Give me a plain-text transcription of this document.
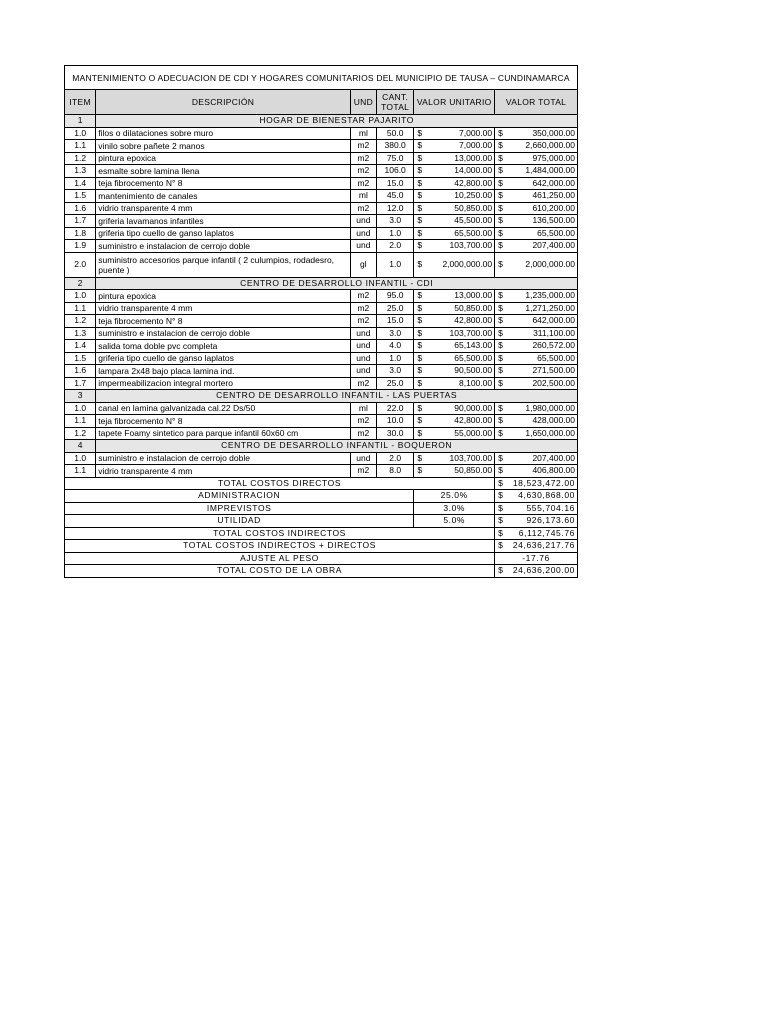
MANTENIMIENTO O ADECUACION DE CDI Y HOGARES COMUNITARIOS DEL MUNICIPIO DE TAUSA – CUNDINAMARCA					
ITEM	DESCRIPCIÓN	UND	CANT. TOTAL	VALOR UNITARIO	VALOR TOTAL
1	HOGAR DE BIENESTAR PAJARITO				
1.0	filos o dilataciones sobre muro	ml	50.0	$ 7,000.00	$ 350,000.00

1.1	vinilo sobre pañete 2 manos	m2	380.0	$ 7,000.00	$ 2,660,000.00

1.2	pintura epoxica	m2	75.0	$ 13,000.00	$ 975,000.00

1.3	esmalte sobre lamina llena	m2	106.0	$ 14,000.00	$ 1,484,000.00

1.4	teja fibrocemento N° 8	m2	15.0	$ 42,800.00	$ 642,000.00

1.5	mantenimiento de canales	ml	45.0	$ 10,250.00	$ 461,250.00

1.6	vidrio transparente 4 mm	m2	12.0	$ 50,850.00	$ 610,200.00

1.7	griferia lavamanos infantiles	und	3.0	$ 45,500.00	$ 136,500.00

1.8	griferia tipo cuello de ganso laplatos	und	1.0	$ 65,500.00	$ 65,500.00

1.9	suministro e instalacion de cerrojo doble	und	2.0	$ 103,700.00	$ 207,400.00

2.0	suministro accesorios parque infantil ( 2 culumpios, rodadesro, puente )	gl	1.0	$ 2,000,000.00	$ 2,000,000.00

2	CENTRO DE DESARROLLO INFANTIL - CDI				
1.0	pintura epoxica	m2	95.0	$ 13,000.00	$ 1,235,000.00

1.1	vidrio transparente 4 mm	m2	25.0	$ 50,850.00	$ 1,271,250.00

1.2	teja fibrocemento N° 8	m2	15.0	$ 42,800.00	$ 642,000.00

1.3	suministro e instalacion de cerrojo doble	und	3.0	$ 103,700.00	$ 311,100.00

1.4	salida toma doble pvc completa	und	4.0	$ 65,143.00	$ 260,572.00

1.5	griferia tipo cuello de ganso laplatos	und	1.0	$ 65,500.00	$ 65,500.00

1.6	lampara 2x48 bajo placa lamina ind.	und	3.0	$ 90,500.00	$ 271,500.00

1.7	impermeabilizacion integral mortero	m2	25.0	$ 8,100.00	$ 202,500.00

3	CENTRO DE DESARROLLO INFANTIL - LAS PUERTAS				
1.0	canal en lamina galvanizada cal.22 Ds/50	ml	22.0	$ 90,000.00	$ 1,980,000.00

1.1	teja fibrocemento N° 8	m2	10.0	$ 42,800.00	$ 428,000.00

1.2	tapete Foamy sintetico para parque infantil 60x60 cm	m2	30.0	$ 55,000.00	$ 1,650,000.00

4	CENTRO DE DESARROLLO INFANTIL - BOQUERON				
1.0	suministro e instalacion de cerrojo doble	und	2.0	$ 103,700.00	$ 207,400.00

1.1	vidrio transparente 4 mm	m2	8.0	$ 50,850.00	$ 406,800.00

TOTAL COSTOS DIRECTOS					$ 18,523,472.00

ADMINISTRACION				25.0%	$ 4,630,868.00

IMPREVISTOS				3.0%	$ 555,704.16

UTILIDAD				5.0%	$ 926,173.60

TOTAL COSTOS INDIRECTOS					$ 6,112,745.76

TOTAL COSTOS INDIRECTOS + DIRECTOS					$ 24,636,217.76

AJUSTE AL PESO					-17.76
TOTAL COSTO DE LA OBRA					$ 24,636,200.00
